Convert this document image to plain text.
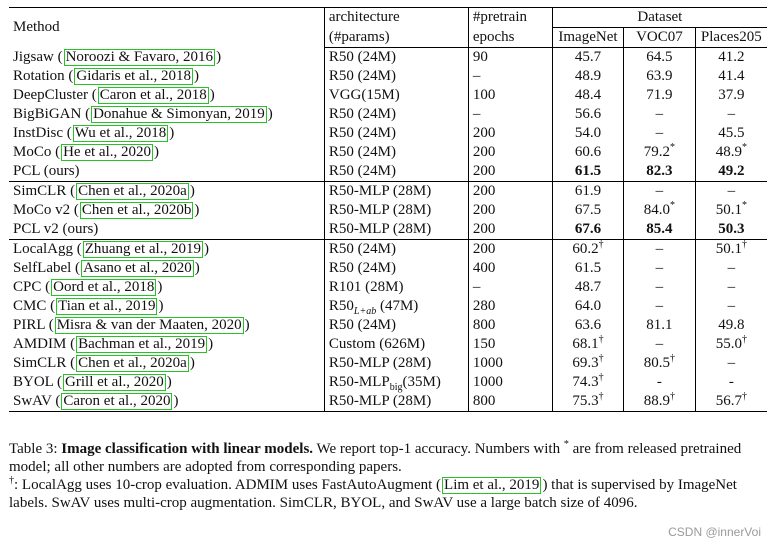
Method	architecture	#pretrain	Dataset		
	(#params)	epochs	ImageNet	VOC07	Places205
Jigsaw ( Noroozi & Favaro, 2016 )	R50 (24M)	90	45.7	64.5	41.2
Rotation ( Gidaris et al., 2018 )	R50 (24M)	–	48.9	63.9	41.4
DeepCluster ( Caron et al., 2018 )	VGG(15M)	100	48.4	71.9	37.9
BigBiGAN ( Donahue & Simonyan, 2019 )	R50 (24M)	–	56.6	–	–
InstDisc ( Wu et al., 2018 )	R50 (24M)	200	54.0	–	45.5
MoCo ( He et al., 2020 )	R50 (24M)	200	60.6	79.2*	48.9*
PCL (ours)	R50 (24M)	200	61.5	82.3	49.2
SimCLR ( Chen et al., 2020a )	R50-MLP (28M)	200	61.9	–	–
MoCo v2 ( Chen et al., 2020b )	R50-MLP (28M)	200	67.5	84.0*	50.1*
PCL v2 (ours)	R50-MLP (28M)	200	67.6	85.4	50.3
LocalAgg ( Zhuang et al., 2019 )	R50 (24M)	200	60.2†	–	50.1†
SelfLabel ( Asano et al., 2020 )	R50 (24M)	400	61.5	–	–
CPC ( Oord et al., 2018 )	R101 (28M)	–	48.7	–	–
CMC ( Tian et al., 2019 )	$R50_{L+ab}$ (47M)	280	64.0	–	–
PIRL ( Misra & van der Maaten, 2020 )	R50 (24M)	800	63.6	81.1	49.8
AMDIM ( Bachman et al., 2019 )	Custom (626M)	150	68.1†	–	55.0†
SimCLR ( Chen et al., 2020a )	R50-MLP (28M)	1000	69.3†	80.5†	–
BYOL ( Grill et al., 2020 )	$R50-MLP_{big}(35M)$	1000	74.3†	-	-
SwAV ( Caron et al., 2020 )	R50-MLP (28M)	800	75.3†	88.9†	56.7†

Table 3: Image classification with linear models. We report top-1 accuracy. Numbers with * are from released pretrained model; all other numbers are adopted from corresponding papers.

†: LocalAgg uses 10-crop evaluation. ADMIM uses FastAutoAugment ( Lim et al., 2019 ) that is supervised by ImageNet labels. SwAV uses multi-crop augmentation. SimCLR, BYOL, and SwAV use a large batch size of 4096.

CSDN @innerVoi
